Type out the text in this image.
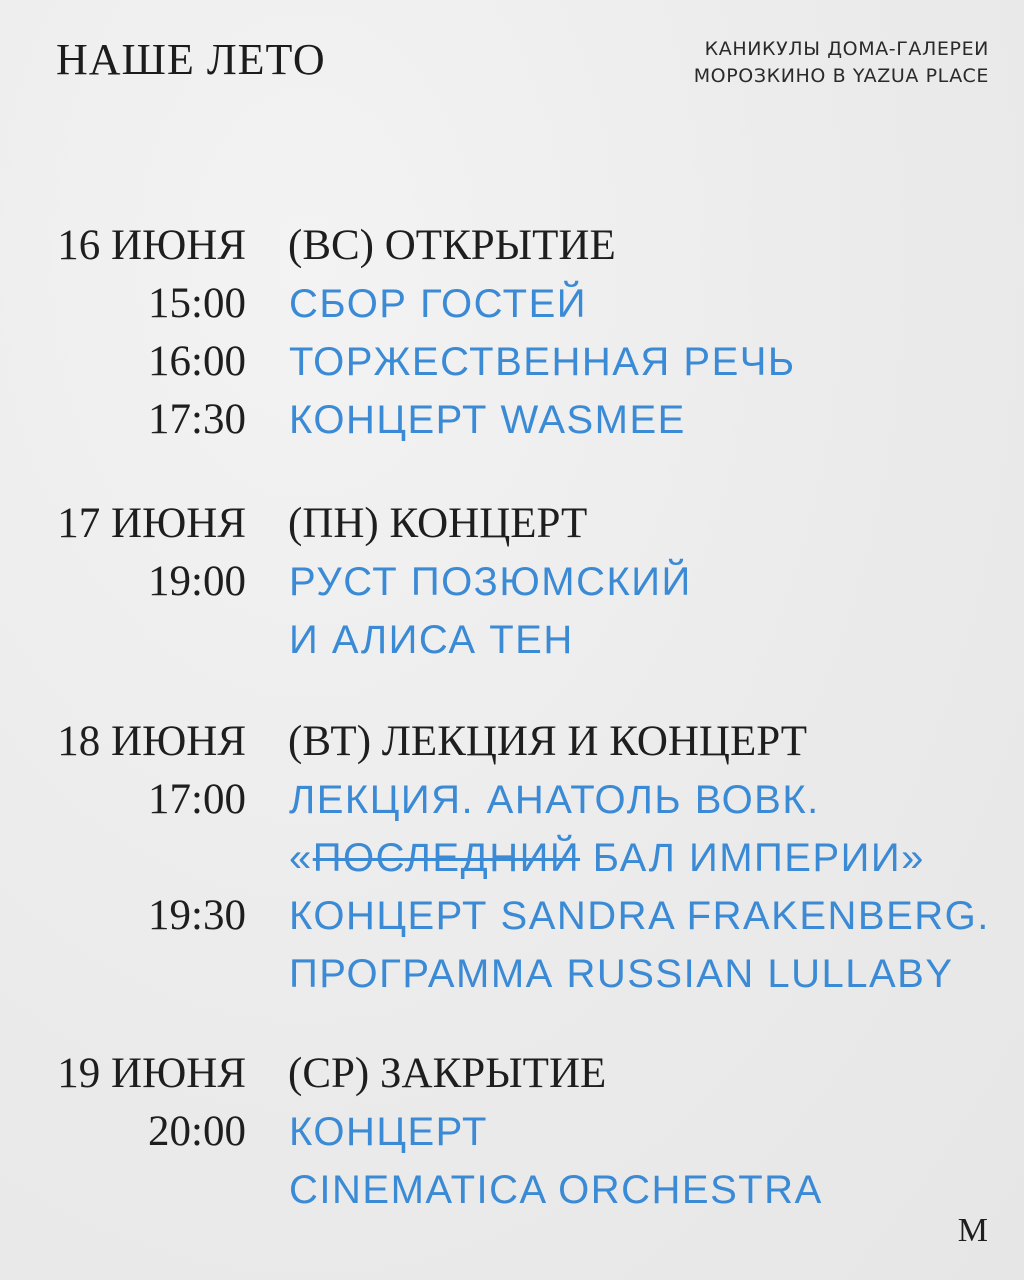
НАШЕ ЛЕТО	КАНИКУЛЫ ДОМА-ГАЛЕРЕИ
МОРОЗКИНО В YAZUA PLACE
16 ИЮНЯ (ВС) ОТКРЫТИЕ
15:00 СБОР ГОСТЕЙ
16:00 ТОРЖЕСТВЕННАЯ РЕЧЬ
17:30 КОНЦЕРТ WASMEE
17 ИЮНЯ (ПН) КОНЦЕРТ
19:00 РУСТ ПОЗЮМСКИЙ
И АЛИСА ТЕН
18 ИЮНЯ (ВТ) ЛЕКЦИЯ И КОНЦЕРТ
17:00 ЛЕКЦИЯ. АНАТОЛЬ ВОВК.
«ПОСЛЕДНИЙ БАЛ ИМПЕРИИ»
19:30 КОНЦЕРТ SANDRA FRAKENBERG.
ПРОГРАММА RUSSIAN LULLABY
19 ИЮНЯ (СР) ЗАКРЫТИЕ
20:00 КОНЦЕРТ
CINEMATICA ORCHESTRA
M
